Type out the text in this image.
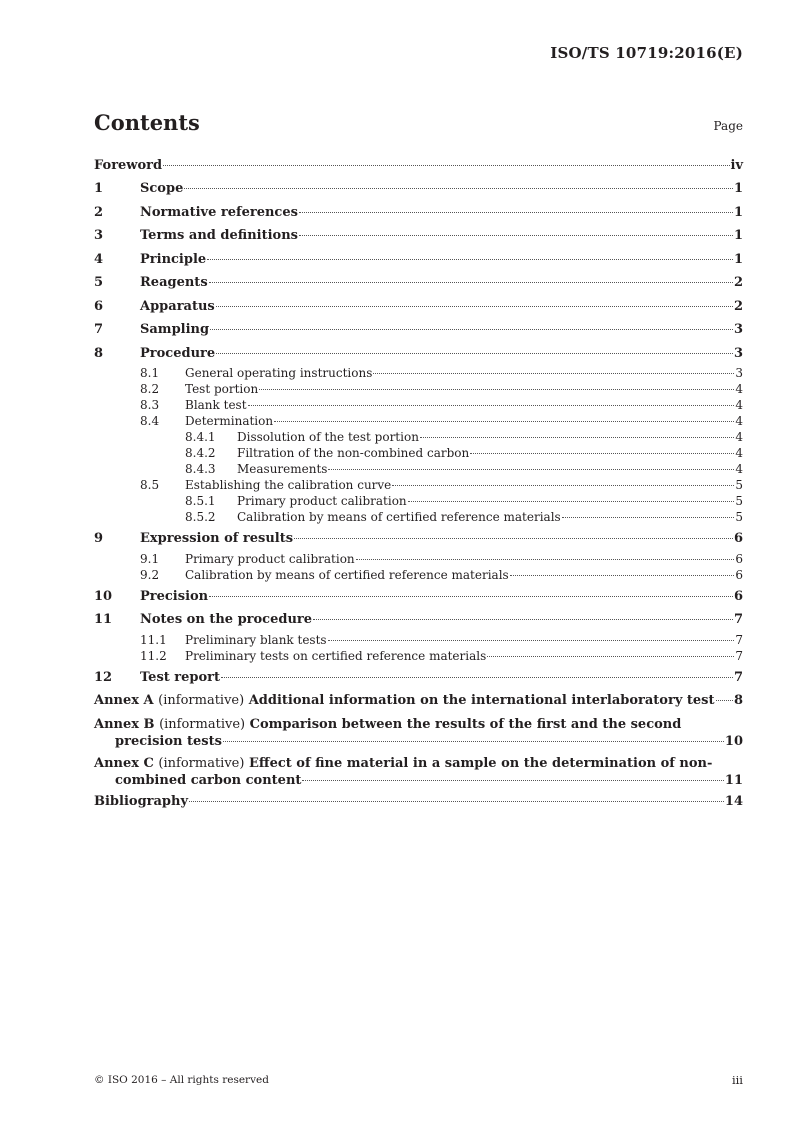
ISO/TS 10719:2016(E)
Contents	Page
Foreword	iv
1	Scope	1
2	Normative references	1
3	Terms and definitions	1
4	Principle	1
5	Reagents	2
6	Apparatus	2
7	Sampling	3
8	Procedure	3
8.1	General operating instructions	3
8.2	Test portion	4
8.3	Blank test	4
8.4	Determination	4
8.4.1	Dissolution of the test portion	4
8.4.2	Filtration of the non-combined carbon	4
8.4.3	Measurements	4
8.5	Establishing the calibration curve	5
8.5.1	Primary product calibration	5
8.5.2	Calibration by means of certified reference materials	5
9	Expression of results	6
9.1	Primary product calibration	6
9.2	Calibration by means of certified reference materials	6
10	Precision	6
11	Notes on the procedure	7
11.1	Preliminary blank tests	7
11.2	Preliminary tests on certified reference materials	7
12	Test report	7
Annex A (informative) Additional information on the international interlaboratory test 8
Annex B (informative) Comparison between the results of the first and the second
precision tests	10
Annex C (informative) Effect of fine material in a sample on the determination of non-
combined carbon content	11
Bibliography	14
© ISO 2016 – All rights reserved	iii
